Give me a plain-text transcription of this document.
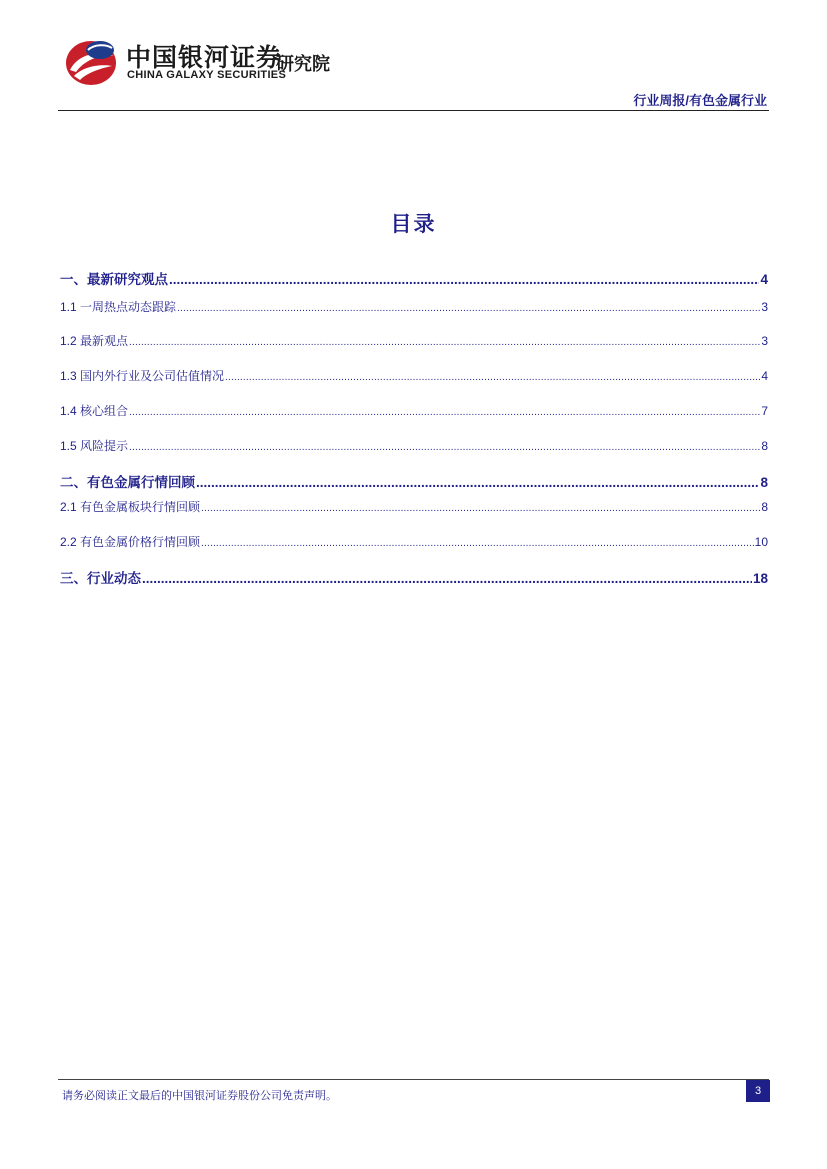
中国银河证券
CHINA GALAXY SECURITIES
研究院
行业周报/有色金属行业
目录
一、最新研究观点 .....	4
1.1 一周热点动态跟踪 .....	3
1.2 最新观点 .....	3
1.3 国内外行业及公司估值情况 .....	4
1.4 核心组合 .....	7
1.5 风险提示 .....	8
二、有色金属行情回顾 .....	8
2.1 有色金属板块行情回顾 .....	8
2.2 有色金属价格行情回顾 .....	10
三、行业动态 .....	18
请务必阅读正文最后的中国银河证券股份公司免责声明。	3
